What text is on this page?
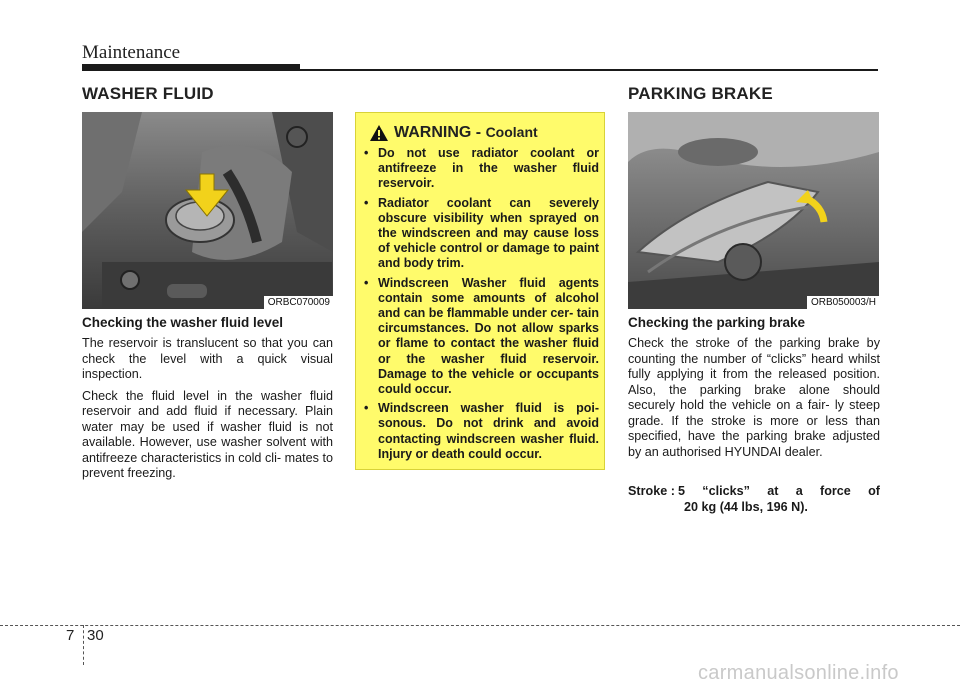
Maintenance
WASHER FLUID	PARKING BRAKE
ORBC070009
Checking the washer fluid level

The reservoir is translucent so that you can check the level with a quick visual inspection.

Check the fluid level in the washer fluid reservoir and add fluid if necessary. Plain water may be used if washer fluid is not available. However, use washer solvent with antifreeze characteristics in cold cli- mates to prevent freezing.

WARNING - Coolant
• Do not use radiator coolant or antifreeze in the washer fluid reservoir.
• Radiator coolant can severely obscure visibility when sprayed on the windscreen and may cause loss of vehicle control or damage to paint and body trim.
• Windscreen Washer fluid agents contain some amounts of alcohol and can be flammable under cer- tain circumstances. Do not allow sparks or flame to contact the washer fluid or the washer fluid reservoir. Damage to the vehicle or occupants could occur.
• Windscreen washer fluid is poi- sonous. Do not drink and avoid contacting windscreen washer fluid. Injury or death could occur.
ORB050003/H
Checking the parking brake

Check the stroke of the parking brake by counting the number of “clicks” heard whilst fully applying it from the released position. Also, the parking brake alone should securely hold the vehicle on a fair- ly steep grade. If the stroke is more or less than specified, have the parking brake adjusted by an authorised HYUNDAI dealer.

Stroke : 5 “clicks” at a force of
20 kg (44 lbs, 196 N).
7 30
carmanualsonline.info
